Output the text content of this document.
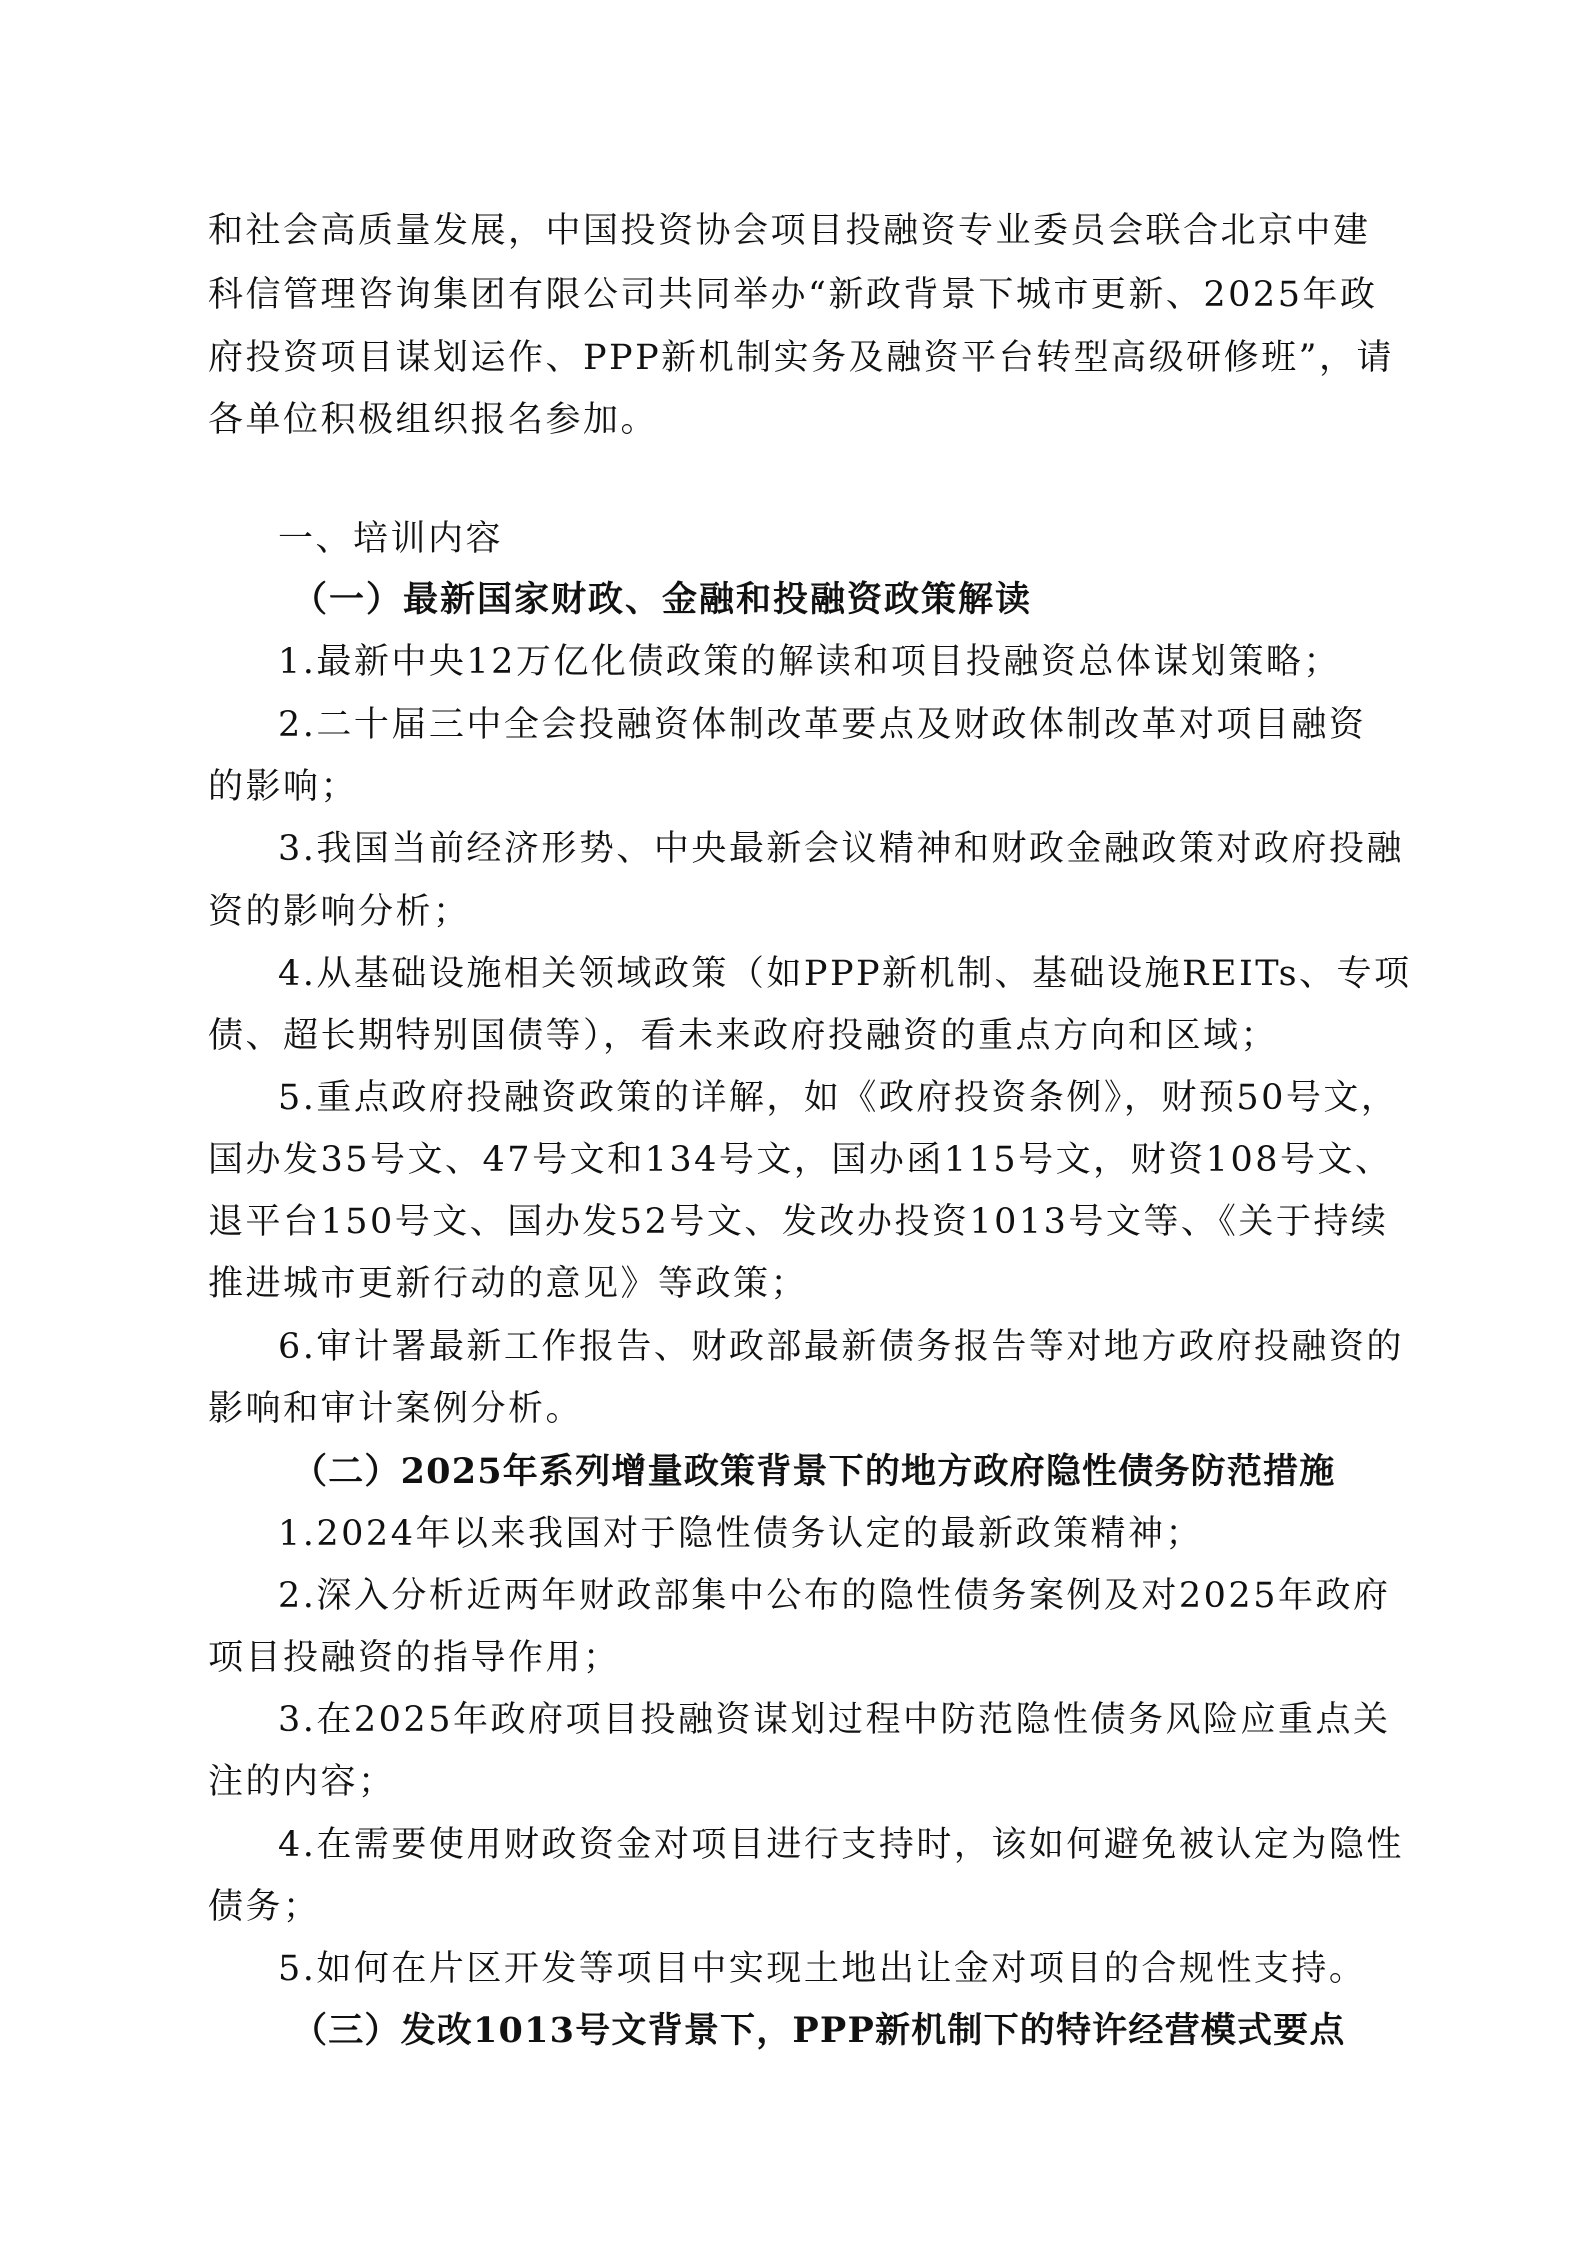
和社会高质量发展，中国投资协会项目投融资专业委员会联合北京中建
科信管理咨询集团有限公司共同举办“新政背景下城市更新、2025年政
府投资项目谋划运作、PPP新机制实务及融资平台转型高级研修班”，请
各单位积极组织报名参加。
一、培训内容
（一）最新国家财政、金融和投融资政策解读
1.最新中央12万亿化债政策的解读和项目投融资总体谋划策略；
2.二十届三中全会投融资体制改革要点及财政体制改革对项目融资
的影响；
3.我国当前经济形势、中央最新会议精神和财政金融政策对政府投融
资的影响分析；
4.从基础设施相关领域政策（如PPP新机制、基础设施REITs、专项
债、超长期特别国债等），看未来政府投融资的重点方向和区域；
5.重点政府投融资政策的详解，如《政府投资条例》，财预50号文，
国办发35号文、47号文和134号文，国办函115号文，财资108号文、
退平台150号文、国办发52号文、发改办投资1013号文等、《关于持续
推进城市更新行动的意见》等政策；
6.审计署最新工作报告、财政部最新债务报告等对地方政府投融资的
影响和审计案例分析。
（二）2025年系列增量政策背景下的地方政府隐性债务防范措施
1.2024年以来我国对于隐性债务认定的最新政策精神；
2.深入分析近两年财政部集中公布的隐性债务案例及对2025年政府
项目投融资的指导作用；
3.在2025年政府项目投融资谋划过程中防范隐性债务风险应重点关
注的内容；
4.在需要使用财政资金对项目进行支持时，该如何避免被认定为隐性
债务；
5.如何在片区开发等项目中实现土地出让金对项目的合规性支持。
（三）发改1013号文背景下，PPP新机制下的特许经营模式要点
